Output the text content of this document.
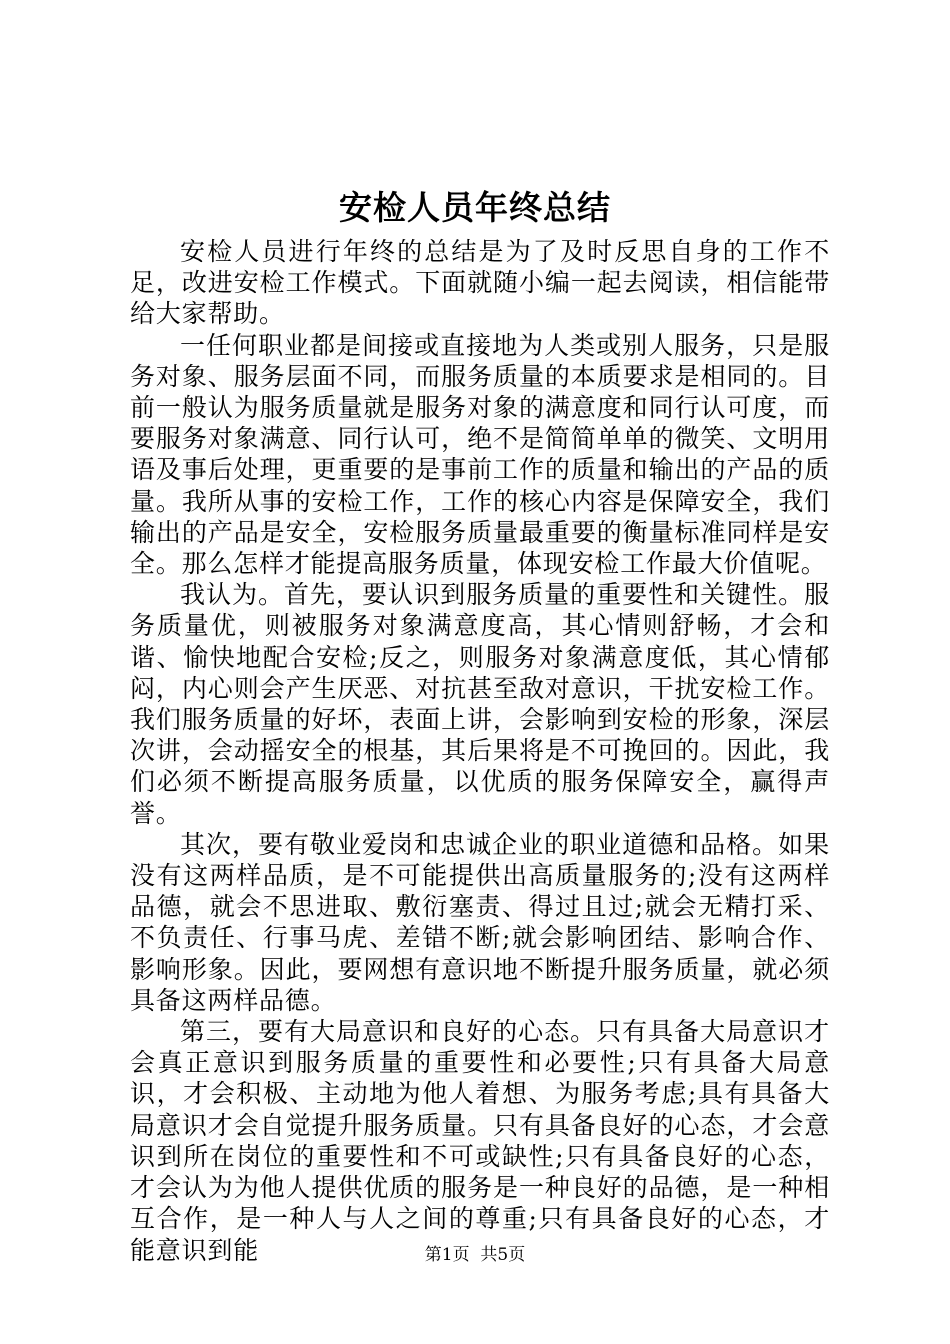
安检人员年终总结

安检人员进行年终的总结是为了及时反思自身的工作不足，改进安检工作模式。下面就随小编一起去阅读，相信能带给大家帮助。

一任何职业都是间接或直接地为人类或别人服务，只是服务对象、服务层面不同，而服务质量的本质要求是相同的。目前一般认为服务质量就是服务对象的满意度和同行认可度，而要服务对象满意、同行认可，绝不是简简单单的微笑、文明用语及事后处理，更重要的是事前工作的质量和输出的产品的质量。我所从事的安检工作，工作的核心内容是保障安全，我们输出的产品是安全，安检服务质量最重要的衡量标准同样是安全。那么怎样才能提高服务质量，体现安检工作最大价值呢。

我认为。首先，要认识到服务质量的重要性和关键性。服务质量优，则被服务对象满意度高，其心情则舒畅，才会和谐、愉快地配合安检;反之，则服务对象满意度低，其心情郁闷，内心则会产生厌恶、对抗甚至敌对意识，干扰安检工作。我们服务质量的好坏，表面上讲，会影响到安检的形象，深层次讲，会动摇安全的根基，其后果将是不可挽回的。因此，我们必须不断提高服务质量，以优质的服务保障安全，赢得声誉。

其次，要有敬业爱岗和忠诚企业的职业道德和品格。如果没有这两样品质，是不可能提供出高质量服务的;没有这两样品德，就会不思进取、敷衍塞责、得过且过;就会无精打采、不负责任、行事马虎、差错不断;就会影响团结、影响合作、影响形象。因此，要网想有意识地不断提升服务质量，就必须具备这两样品德。

第三，要有大局意识和良好的心态。只有具备大局意识才会真正意识到服务质量的重要性和必要性;只有具备大局意识，才会积极、主动地为他人着想、为服务考虑;具有具备大局意识才会自觉提升服务质量。只有具备良好的心态，才会意识到所在岗位的重要性和不可或缺性;只有具备良好的心态，才会认为为他人提供优质的服务是一种良好的品德，是一种相互合作，是一种人与人之间的尊重;只有具备良好的心态，才能意识到能	第1页 共5页
